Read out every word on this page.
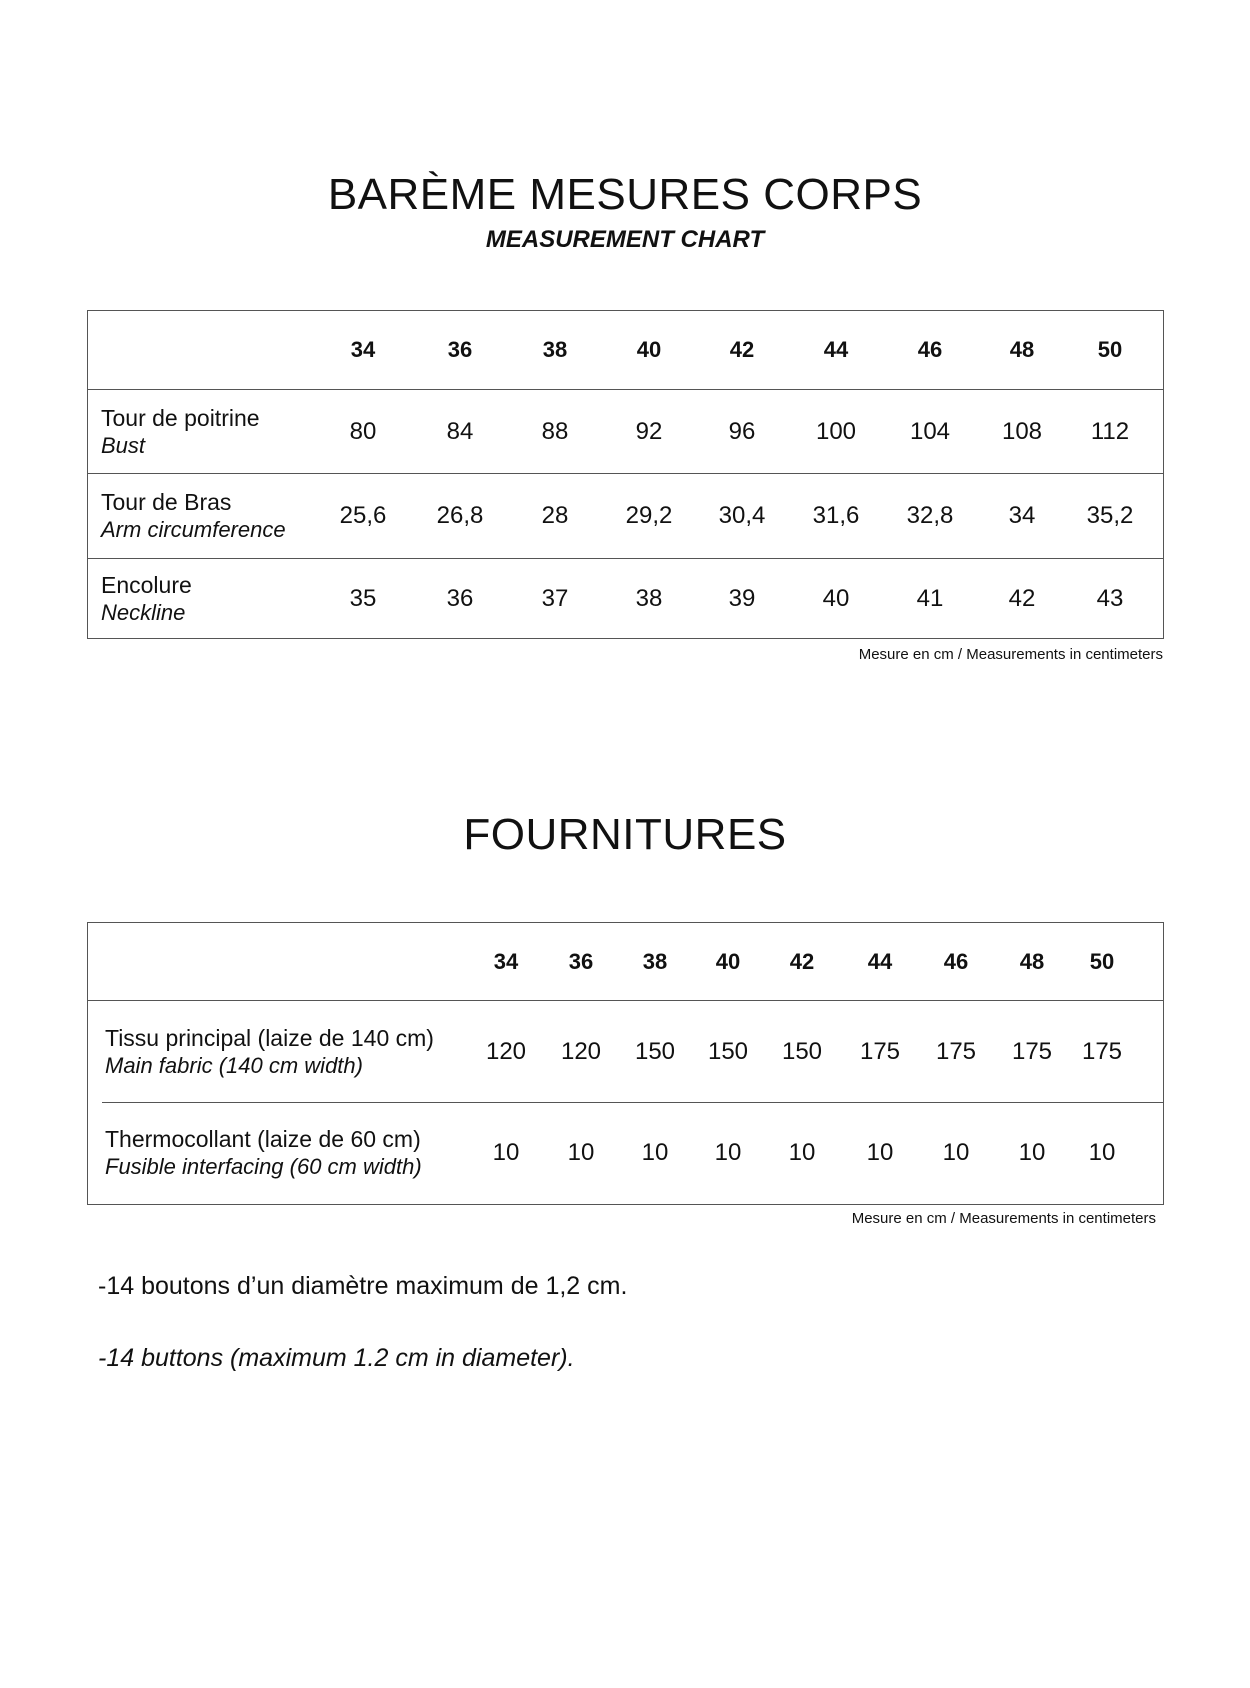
BARÈME MESURES CORPS
MEASUREMENT CHART
34	36	38	40	42	44	46	48	50
Tour de poitrine
Bust
80	84	88	92	96	100	104	108	112
Tour de Bras
Arm circumference
25,6	26,8	28	29,2	30,4	31,6	32,8	34	35,2
Encolure
Neckline
35	36	37	38	39	40	41	42	43
Mesure en cm / Measurements in centimeters
FOURNITURES
34	36	38	40	42	44	46	48	50
Tissu principal (laize de 140 cm)
Main fabric (140 cm width)
120	120	150	150	150	175	175	175	175
Thermocollant (laize de 60 cm)
Fusible interfacing (60 cm width)
10	10	10	10	10	10	10	10	10
Mesure en cm / Measurements in centimeters
-14 boutons d’un diamètre maximum de 1,2 cm.
-14 buttons (maximum 1.2 cm in diameter).
